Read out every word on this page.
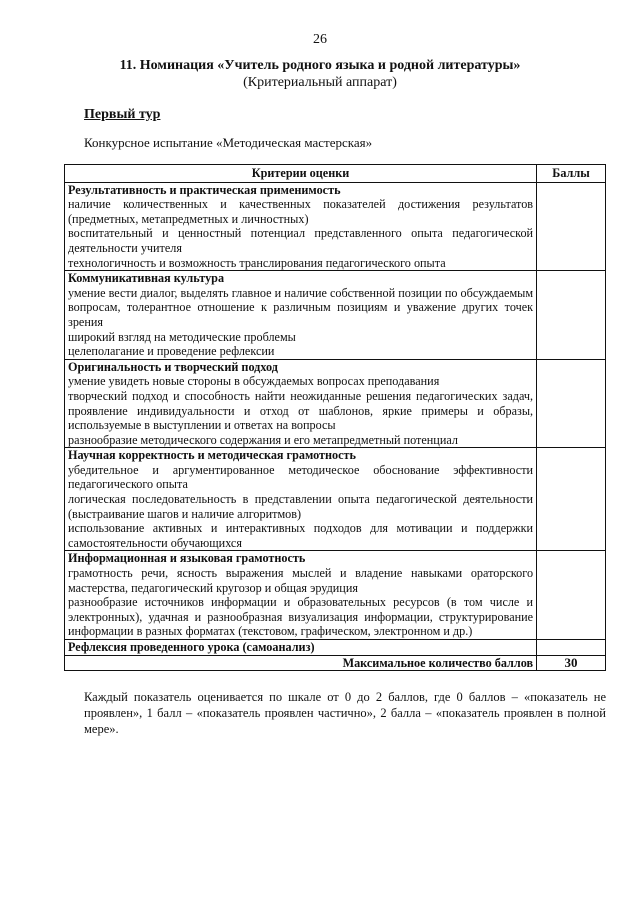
26
11. Номинация «Учитель родного языка и родной литературы»
(Критериальный аппарат)
Первый тур
Конкурсное испытание «Методическая мастерская»
Критерии оценки	Баллы

Результативность и практическая применимость
наличие количественных и качественных показателей достижения результатов (предметных, метапредметных и личностных)
воспитательный и ценностный потенциал представленного опыта педагогической деятельности учителя
технологичность и возможность транслирования педагогического опыта	

Коммуникативная культура
умение вести диалог, выделять главное и наличие собственной позиции по обсуждаемым вопросам, толерантное отношение к различным позициям и уважение других точек зрения
широкий взгляд на методические проблемы
целеполагание и проведение рефлексии	

Оригинальность и творческий подход
умение увидеть новые стороны в обсуждаемых вопросах преподавания
творческий подход и способность найти неожиданные решения педагогических задач, проявление индивидуальности и отход от шаблонов, яркие примеры и образы, используемые в выступлении и ответах на вопросы
разнообразие методического содержания и его метапредметный потенциал	

Научная корректность и методическая грамотность
убедительное и аргументированное методическое обоснование эффективности педагогического опыта
логическая последовательность в представлении опыта педагогической деятельности (выстраивание шагов и наличие алгоритмов)
использование активных и интерактивных подходов для мотивации и поддержки самостоятельности обучающихся	

Информационная и языковая грамотность
грамотность речи, ясность выражения мыслей и владение навыками ораторского мастерства, педагогический кругозор и общая эрудиция
разнообразие источников информации и образовательных ресурсов (в том числе и электронных), удачная и разнообразная визуализация информации, структурирование информации в разных форматах (текстовом, графическом, электронном и др.)	

Рефлексия проведенного урока (самоанализ)	
Максимальное количество баллов	30
Каждый показатель оценивается по шкале от 0 до 2 баллов, где 0 баллов – «показатель не проявлен», 1 балл – «показатель проявлен частично», 2 балла – «показатель проявлен в полной мере».
